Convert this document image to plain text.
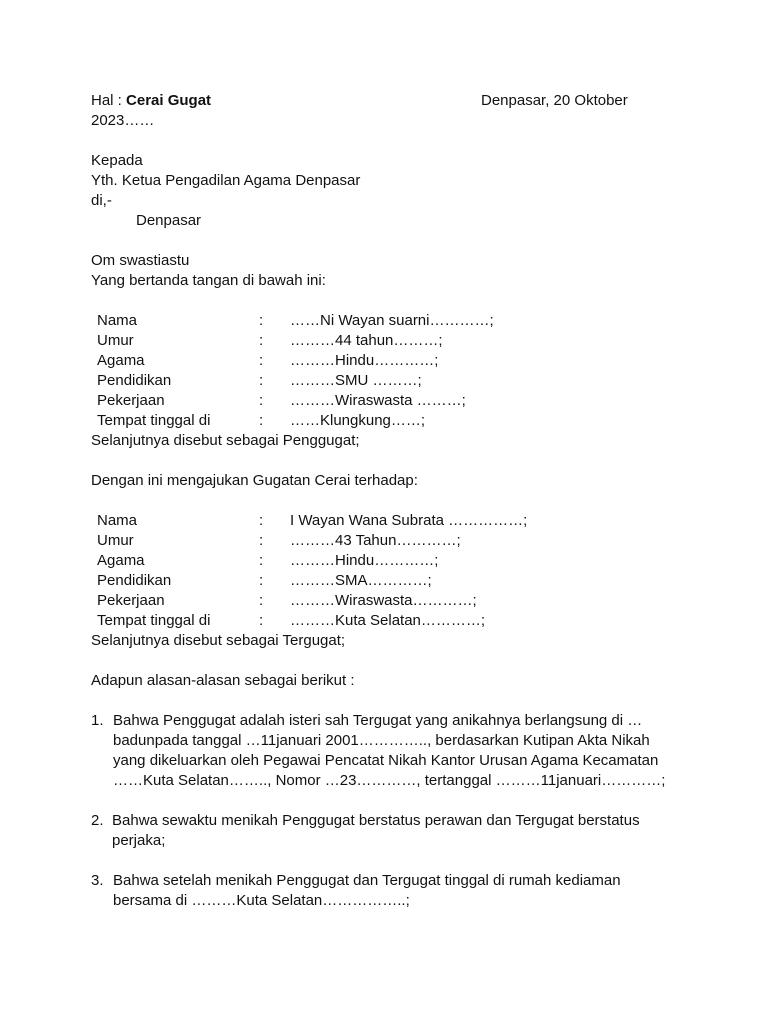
Hal : Cerai Gugat	Denpasar, 20 Oktober
2023……
Kepada
Yth. Ketua Pengadilan Agama Denpasar
di,-
Denpasar
Om swastiastu
Yang bertanda tangan di bawah ini:
Nama	: ……Ni Wayan suarni…………;
Umur	: ………44 tahun………;
Agama	: ………Hindu…………;
Pendidikan	: ………SMU ………;
Pekerjaan	: ………Wiraswasta ………;
Tempat tinggal di	: ……Klungkung……;
Selanjutnya disebut sebagai Penggugat;
Dengan ini mengajukan Gugatan Cerai terhadap:
Nama	: I Wayan Wana Subrata ……………;
Umur	: ………43 Tahun…………;
Agama	: ………Hindu…………;
Pendidikan	: ………SMA…………;
Pekerjaan	: ………Wiraswasta…………;
Tempat tinggal di	: ………Kuta Selatan…………;
Selanjutnya disebut sebagai Tergugat;
Adapun alasan-alasan sebagai berikut :
1. Bahwa Penggugat adalah isteri sah Tergugat yang anikahnya berlangsung di …
badunpada tanggal …11januari 2001………….., berdasarkan Kutipan Akta Nikah
yang dikeluarkan oleh Pegawai Pencatat Nikah Kantor Urusan Agama Kecamatan
……Kuta Selatan…….., Nomor …23…………, tertanggal ………11januari…………;
2. Bahwa sewaktu menikah Penggugat berstatus perawan dan Tergugat berstatus
perjaka;
3. Bahwa setelah menikah Penggugat dan Tergugat tinggal di rumah kediaman
bersama di ………Kuta Selatan……………..;
